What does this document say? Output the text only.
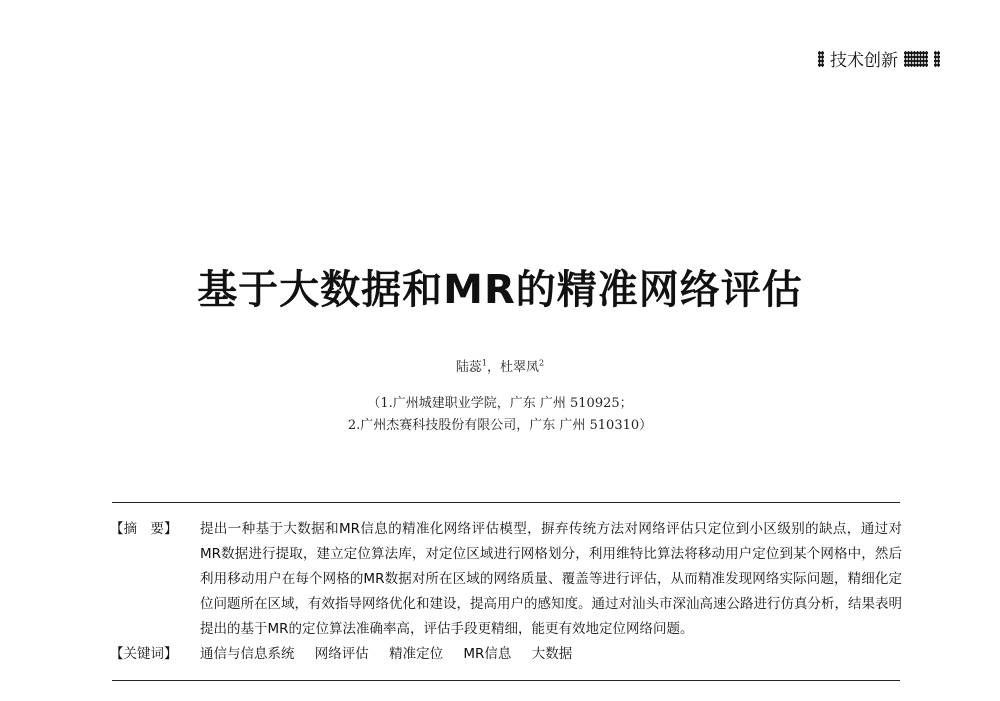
技术创新
基于大数据和MR的精准网络评估
陆蕊$^1$，杜翠凤$^2$
（1.广州城建职业学院，广东 广州 510925；
2.广州杰赛科技股份有限公司，广东 广州 510310）
【摘　要】	提出一种基于大数据和MR信息的精准化网络评估模型，摒弃传统方法对网络评估只定位到小区级别的缺点，通过对MR数据进行提取，建立定位算法库，对定位区域进行网格划分，利用维特比算法将移动用户定位到某个网格中，然后利用移动用户在每个网格的MR数据对所在区域的网络质量、覆盖等进行评估，从而精准发现网络实际问题，精细化定位问题所在区域，有效指导网络优化和建设，提高用户的感知度。通过对汕头市深汕高速公路进行仿真分析，结果表明提出的基于MR的定位算法准确率高，评估手段更精细，能更有效地定位网络问题。
【关键词】	通信与信息系统 网络评估 精准定位 MR信息 大数据
